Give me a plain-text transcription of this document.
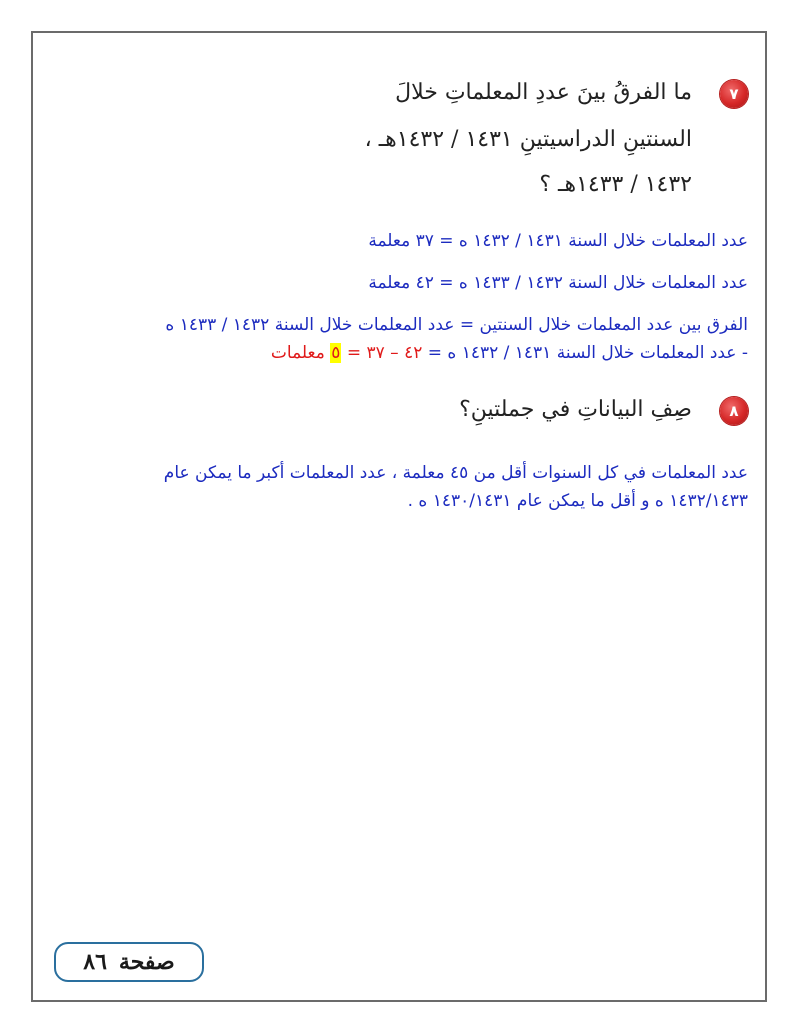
٧
ما الفرقُ بينَ عددِ المعلماتِ خلالَ
السنتينِ الدراسيتينِ ١٤٣١ / ١٤٣٢هـ ،
١٤٣٢ / ١٤٣٣هـ ؟
عدد المعلمات خلال السنة ١٤٣١ / ١٤٣٢ ه = ٣٧ معلمة
عدد المعلمات خلال السنة ١٤٣٢ / ١٤٣٣ ه = ٤٢ معلمة
الفرق بين عدد المعلمات خلال السنتين = عدد المعلمات خلال السنة ١٤٣٢ / ١٤٣٣ ه
- عدد المعلمات خلال السنة ١٤٣١ / ١٤٣٢ ه = ٤٢ – ٣٧ = ٥ معلمات
٨
صِفِ البياناتِ في جملتينِ؟
عدد المعلمات في كل السنوات أقل من ٤٥ معلمة ، عدد المعلمات أكبر ما يمكن عام
١٤٣٢/١٤٣٣ ه و أقل ما يمكن عام ١٤٣٠/١٤٣١ ه .
صفحة٨٦
